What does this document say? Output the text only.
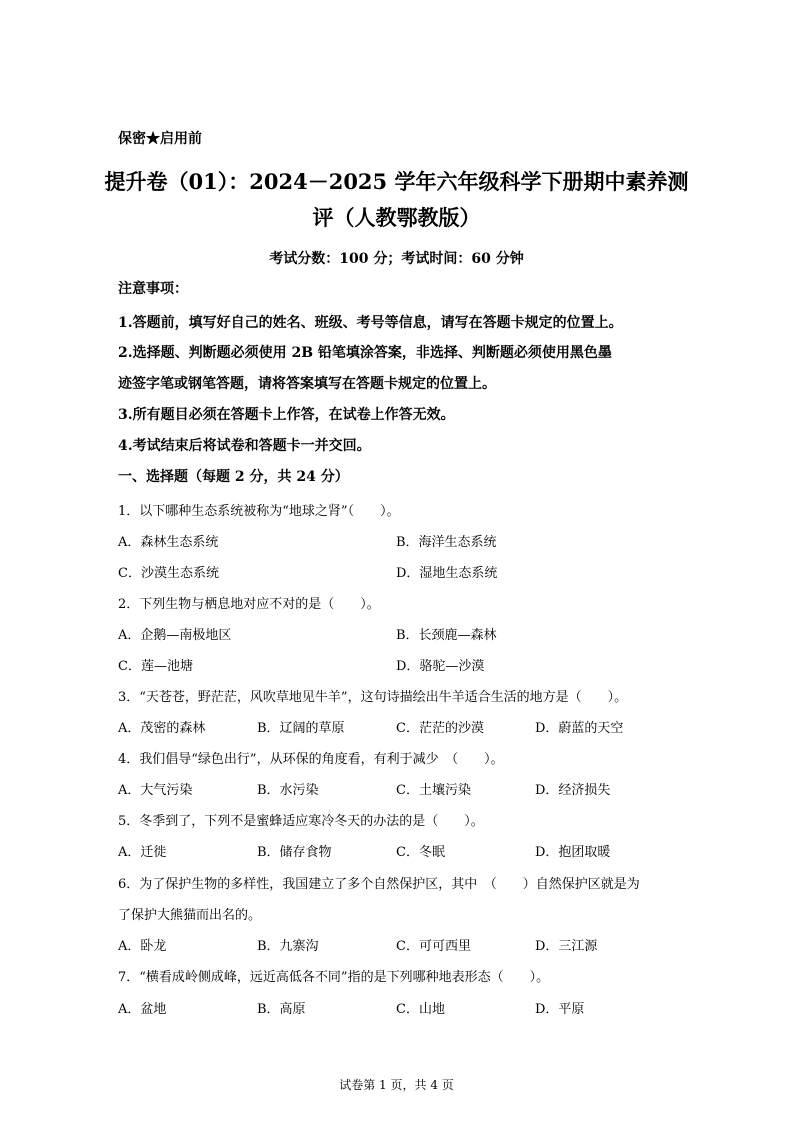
保密★启用前
提升卷（01）：2024－2025 学年六年级科学下册期中素养测
评（人教鄂教版）
考试分数：100 分；考试时间：60 分钟
注意事项：
1.答题前，填写好自己的姓名、班级、考号等信息，请写在答题卡规定的位置上。
2.选择题、判断题必须使用 2B 铅笔填涂答案，非选择、判断题必须使用黑色墨
迹签字笔或钢笔答题，请将答案填写在答题卡规定的位置上。
3.所有题目必须在答题卡上作答，在试卷上作答无效。
4.考试结束后将试卷和答题卡一并交回。
一、选择题（每题 2 分，共 24 分）
1．以下哪种生态系统被称为“地球之肾”（　　）。
A．森林生态系统	B．海洋生态系统
C．沙漠生态系统	D．湿地生态系统
2．下列生物与栖息地对应不对的是（　　）。
A．企鹅—南极地区	B．长颈鹿—森林
C．莲—池塘	D．骆驼—沙漠
3．“天苍苍，野茫茫，风吹草地见牛羊”，这句诗描绘出牛羊适合生活的地方是（　　）。
A．茂密的森林	B．辽阔的草原	C．茫茫的沙漠	D．蔚蓝的天空
4．我们倡导“绿色出行”，从环保的角度看，有利于减少　（　　）。
A．大气污染	B．水污染	C．土壤污染	D．经济损失
5．冬季到了，下列不是蜜蜂适应寒冷冬天的办法的是（　　）。
A．迁徙	B．储存食物	C．冬眠	D．抱团取暖
6．为了保护生物的多样性，我国建立了多个自然保护区，其中　（　　）自然保护区就是为
了保护大熊猫而出名的。
A．卧龙	B．九寨沟	C．可可西里	D．三江源
7．“横看成岭侧成峰，远近高低各不同”指的是下列哪种地表形态（　　）。
A．盆地	B．高原	C．山地	D．平原
试卷第 1 页，共 4 页
